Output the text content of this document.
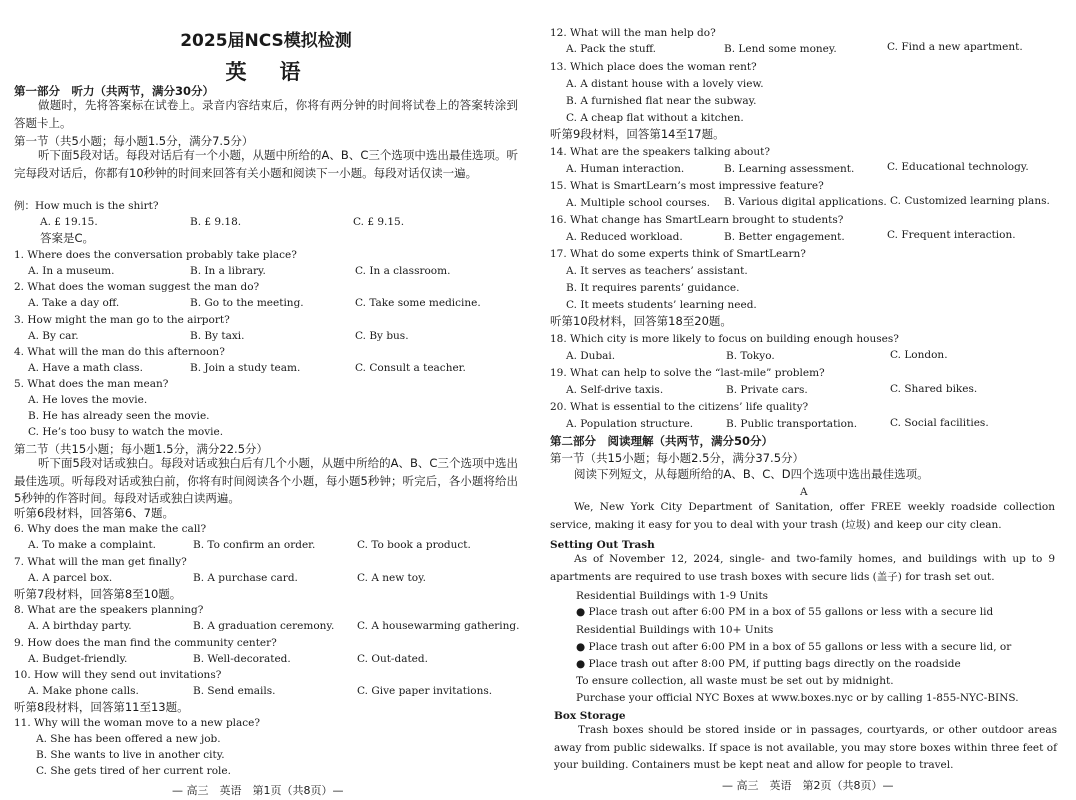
2025届NCS模拟检测
英　语
第一部分　听力（共两节，满分30分）
做题时，先将答案标在试卷上。录音内容结束后，你将有两分钟的时间将试卷上的答案转涂到答题卡上。
第一节（共5小题；每小题1.5分，满分7.5分）
听下面5段对话。每段对话后有一个小题，从题中所给的A、B、C三个选项中选出最佳选项。听完每段对话后，你都有10秒钟的时间来回答有关小题和阅读下一小题。每段对话仅读一遍。
例：How much is the shirt?
A. £ 19.15.	B. £ 9.18.	C. £ 9.15.
答案是C。
1. Where does the conversation probably take place?
A. In a museum.	B. In a library.	C. In a classroom.
2. What does the woman suggest the man do?
A. Take a day off.	B. Go to the meeting.	C. Take some medicine.
3. How might the man go to the airport?
A. By car.	B. By taxi.	C. By bus.
4. What will the man do this afternoon?
A. Have a math class.	B. Join a study team.	C. Consult a teacher.
5. What does the man mean?
A. He loves the movie.
B. He has already seen the movie.
C. He’s too busy to watch the movie.
第二节（共15小题；每小题1.5分，满分22.5分）
听下面5段对话或独白。每段对话或独白后有几个小题，从题中所给的A、B、C三个选项中选出最佳选项。听每段对话或独白前，你将有时间阅读各个小题，每小题5秒钟；听完后，各小题将给出5秒钟的作答时间。每段对话或独白读两遍。
听第6段材料，回答第6、7题。
6. Why does the man make the call?
A. To make a complaint.	B. To confirm an order.	C. To book a product.
7. What will the man get finally?
A. A parcel box.	B. A purchase card.	C. A new toy.
听第7段材料，回答第8至10题。
8. What are the speakers planning?
A. A birthday party.	B. A graduation ceremony. C. A housewarming gathering.
9. How does the man find the community center?
A. Budget-friendly.	B. Well-decorated.	C. Out-dated.
10. How will they send out invitations?
A. Make phone calls.	B. Send emails.	C. Give paper invitations.
听第8段材料，回答第11至13题。
11. Why will the woman move to a new place?
A. She has been offered a new job.
B. She wants to live in another city.
C. She gets tired of her current role.
— 高三　英语　第1页（共8页）—
12. What will the man help do?
A. Pack the stuff.	B. Lend some money.	C. Find a new apartment.
13. Which place does the woman rent?
A. A distant house with a lovely view.
B. A furnished flat near the subway.
C. A cheap flat without a kitchen.
听第9段材料，回答第14至17题。
14. What are the speakers talking about?
A. Human interaction.	B. Learning assessment.	C. Educational technology.
15. What is SmartLearn’s most impressive feature?
A. Multiple school courses. B. Various digital applications. C. Customized learning plans.
16. What change has SmartLearn brought to students?
A. Reduced workload.	B. Better engagement.	C. Frequent interaction.
17. What do some experts think of SmartLearn?
A. It serves as teachers’ assistant.
B. It requires parents’ guidance.
C. It meets students’ learning need.
听第10段材料，回答第18至20题。
18. Which city is more likely to focus on building enough houses?
A. Dubai.	B. Tokyo.	C. London.
19. What can help to solve the “last-mile” problem?
A. Self-drive taxis.	B. Private cars.	C. Shared bikes.
20. What is essential to the citizens’ life quality?
A. Population structure.	B. Public transportation.	C. Social facilities.
第二部分　阅读理解（共两节，满分50分）
第一节（共15小题；每小题2.5分，满分37.5分）
阅读下列短文，从每题所给的A、B、C、D四个选项中选出最佳选项。
A
We, New York City Department of Sanitation, offer FREE weekly roadside collection service, making it easy for you to deal with your trash (垃圾) and keep our city clean.
Setting Out Trash
As of November 12, 2024, single- and two-family homes, and buildings with up to 9 apartments are required to use trash boxes with secure lids (盖子) for trash set out.
Residential Buildings with 1-9 Units
● Place trash out after 6:00 PM in a box of 55 gallons or less with a secure lid
Residential Buildings with 10+ Units
● Place trash out after 6:00 PM in a box of 55 gallons or less with a secure lid, or
● Place trash out after 8:00 PM, if putting bags directly on the roadside
To ensure collection, all waste must be set out by midnight.
Purchase your official NYC Boxes at www.boxes.nyc or by calling 1-855-NYC-BINS.
Box Storage
Trash boxes should be stored inside or in passages, courtyards, or other outdoor areas away from public sidewalks. If space is not available, you may store boxes within three feet of your building. Containers must be kept neat and allow for people to travel.
— 高三　英语　第2页（共8页）—
